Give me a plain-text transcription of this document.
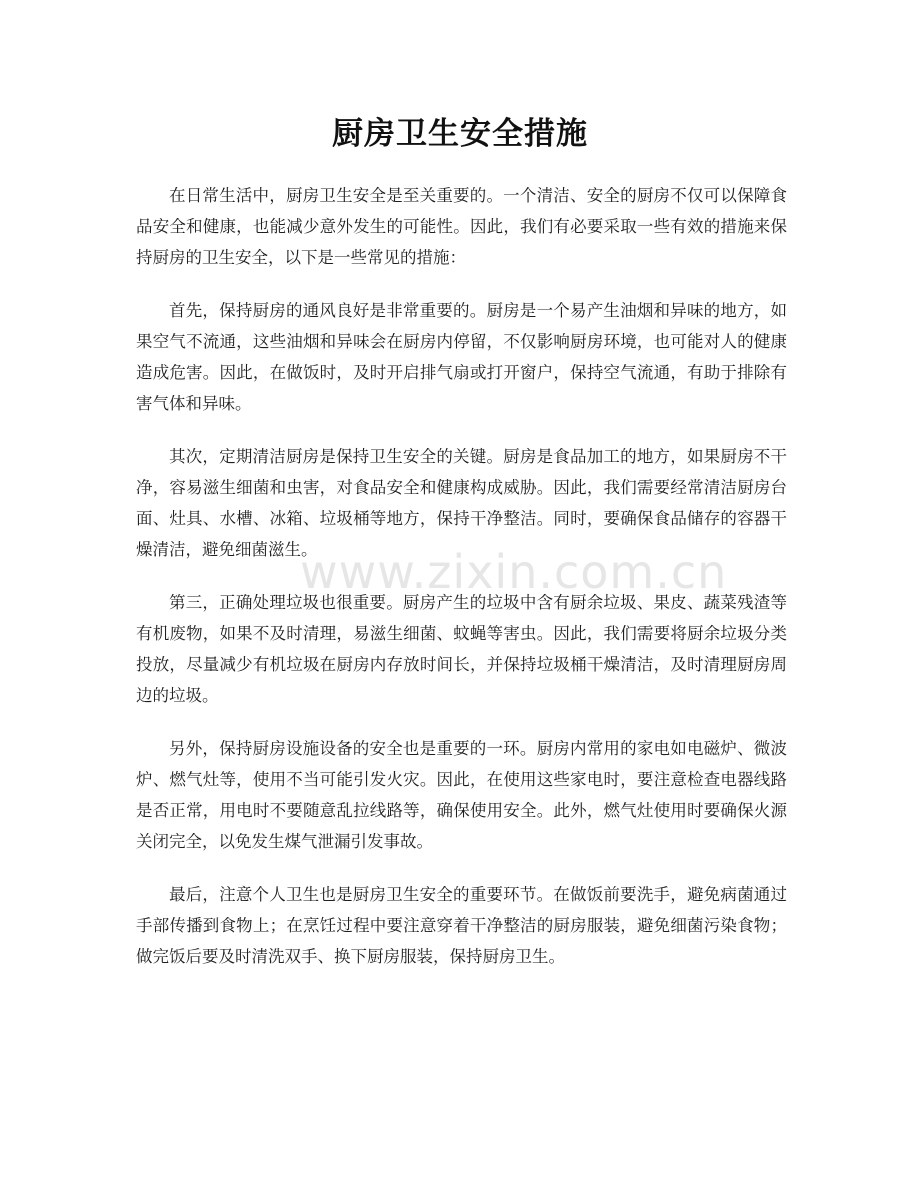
www.zixin.com.cn
厨房卫生安全措施

在日常生活中，厨房卫生安全是至关重要的。一个清洁、安全的厨房不仅可以保障食品安全和健康，也能减少意外发生的可能性。因此，我们有必要采取一些有效的措施来保持厨房的卫生安全，以下是一些常见的措施：

首先，保持厨房的通风良好是非常重要的。厨房是一个易产生油烟和异味的地方，如果空气不流通，这些油烟和异味会在厨房内停留，不仅影响厨房环境，也可能对人的健康造成危害。因此，在做饭时，及时开启排气扇或打开窗户，保持空气流通，有助于排除有害气体和异味。

其次，定期清洁厨房是保持卫生安全的关键。厨房是食品加工的地方，如果厨房不干净，容易滋生细菌和虫害，对食品安全和健康构成威胁。因此，我们需要经常清洁厨房台面、灶具、水槽、冰箱、垃圾桶等地方，保持干净整洁。同时，要确保食品储存的容器干燥清洁，避免细菌滋生。

第三，正确处理垃圾也很重要。厨房产生的垃圾中含有厨余垃圾、果皮、蔬菜残渣等有机废物，如果不及时清理，易滋生细菌、蚊蝇等害虫。因此，我们需要将厨余垃圾分类投放，尽量减少有机垃圾在厨房内存放时间长，并保持垃圾桶干燥清洁，及时清理厨房周边的垃圾。

另外，保持厨房设施设备的安全也是重要的一环。厨房内常用的家电如电磁炉、微波炉、燃气灶等，使用不当可能引发火灾。因此，在使用这些家电时，要注意检查电器线路是否正常，用电时不要随意乱拉线路等，确保使用安全。此外，燃气灶使用时要确保火源关闭完全，以免发生煤气泄漏引发事故。

最后，注意个人卫生也是厨房卫生安全的重要环节。在做饭前要洗手，避免病菌通过手部传播到食物上；在烹饪过程中要注意穿着干净整洁的厨房服装，避免细菌污染食物；做完饭后要及时清洗双手、换下厨房服装，保持厨房卫生。
